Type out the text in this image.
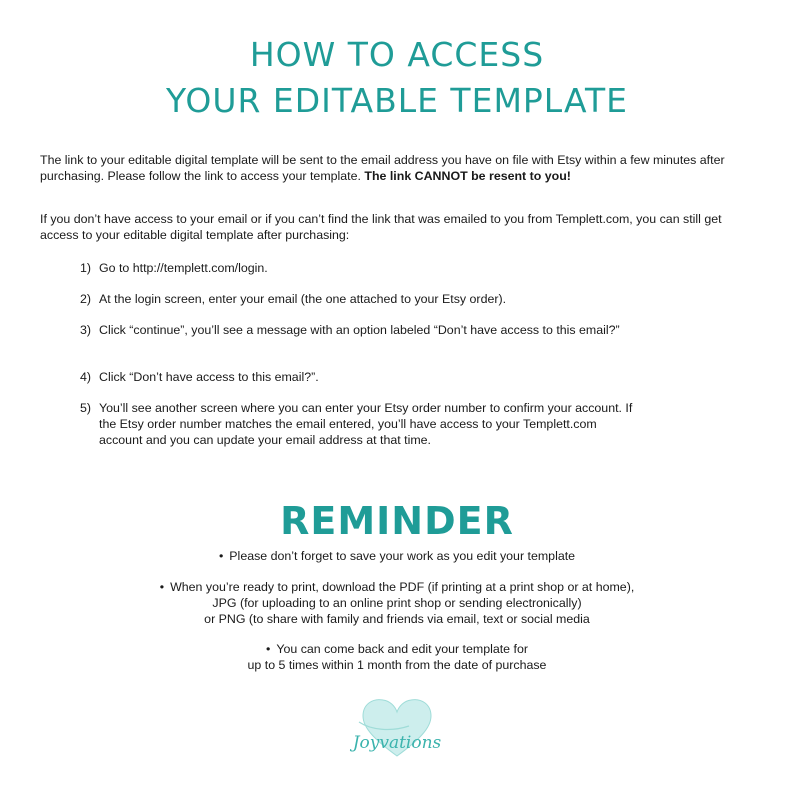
HOW TO ACCESS
YOUR EDITABLE TEMPLATE

The link to your editable digital template will be sent to the email address you have on file with Etsy within a few minutes after purchasing. Please follow the link to access your template. The link CANNOT be resent to you!

If you don’t have access to your email or if you can’t find the link that was emailed to you from Templett.com, you can still get access to your editable digital template after purchasing:

1) Go to http://templett.com/login.
2) At the login screen, enter your email (the one attached to your Etsy order).
3) Click “continue”, you’ll see a message with an option labeled “Don’t have access to this email?”
4) Click “Don’t have access to this email?”.
5) You’ll see another screen where you can enter your Etsy order number to confirm your account. If the Etsy order number matches the email entered, you’ll have access to your Templett.com account and you can update your email address at that time.
REMINDER

• Please don’t forget to save your work as you edit your template

• When you’re ready to print, download the PDF (if printing at a print shop or at home),
JPG (for uploading to an online print shop or sending electronically)
or PNG (to share with family and friends via email, text or social media

• You can come back and edit your template for
up to 5 times within 1 month from the date of purchase

Joyvations
